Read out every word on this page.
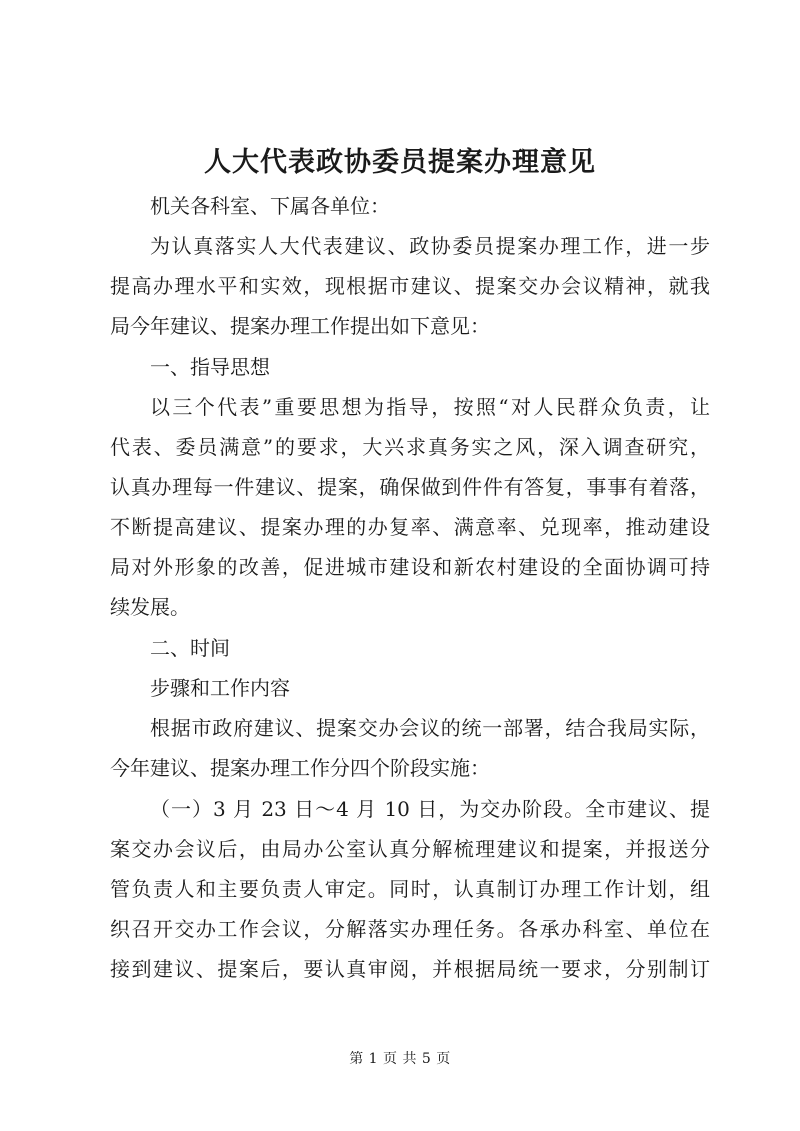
人大代表政协委员提案办理意见

机关各科室、下属各单位：

为认真落实人大代表建议、政协委员提案办理工作，进一步

提高办理水平和实效，现根据市建议、提案交办会议精神，就我

局今年建议、提案办理工作提出如下意见：

一、指导思想

以三个代表”重要思想为指导，按照“对人民群众负责，让

代表、委员满意”的要求，大兴求真务实之风，深入调查研究，

认真办理每一件建议、提案，确保做到件件有答复，事事有着落，

不断提高建议、提案办理的办复率、满意率、兑现率，推动建设

局对外形象的改善，促进城市建设和新农村建设的全面协调可持

续发展。

二、时间

步骤和工作内容

根据市政府建议、提案交办会议的统一部署，结合我局实际，

今年建议、提案办理工作分四个阶段实施：

（一）3 月 23 日～4 月 10 日，为交办阶段。全市建议、提

案交办会议后，由局办公室认真分解梳理建议和提案，并报送分

管负责人和主要负责人审定。同时，认真制订办理工作计划，组

织召开交办工作会议，分解落实办理任务。各承办科室、单位在

接到建议、提案后，要认真审阅，并根据局统一要求，分别制订

第 1 页 共 5 页
